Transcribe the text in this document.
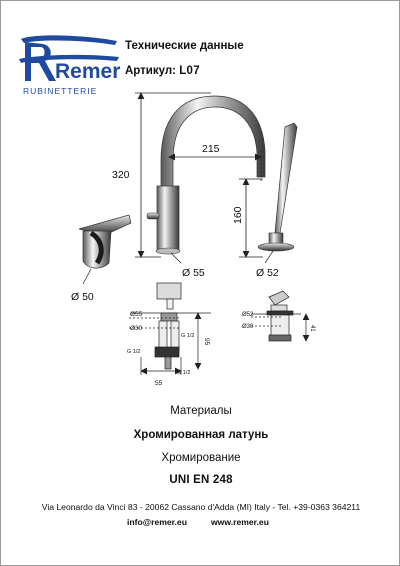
Remer
RUBINETTERIE
Технические данные
Артикул: L07
320
215
160
Ø 55	Ø 52
Ø 50
Ø55
Ø30
G 1/2
G 1/2
G 1/2
95
55
Ø52
Ø30	41
Материалы
Хромированная латунь
Хромирование
UNI EN 248
Via Leonardo da Vinci 83 - 20062 Cassano d'Adda (MI) Italy - Tel. +39-0363 364211
info@remer.eu	www.remer.eu
